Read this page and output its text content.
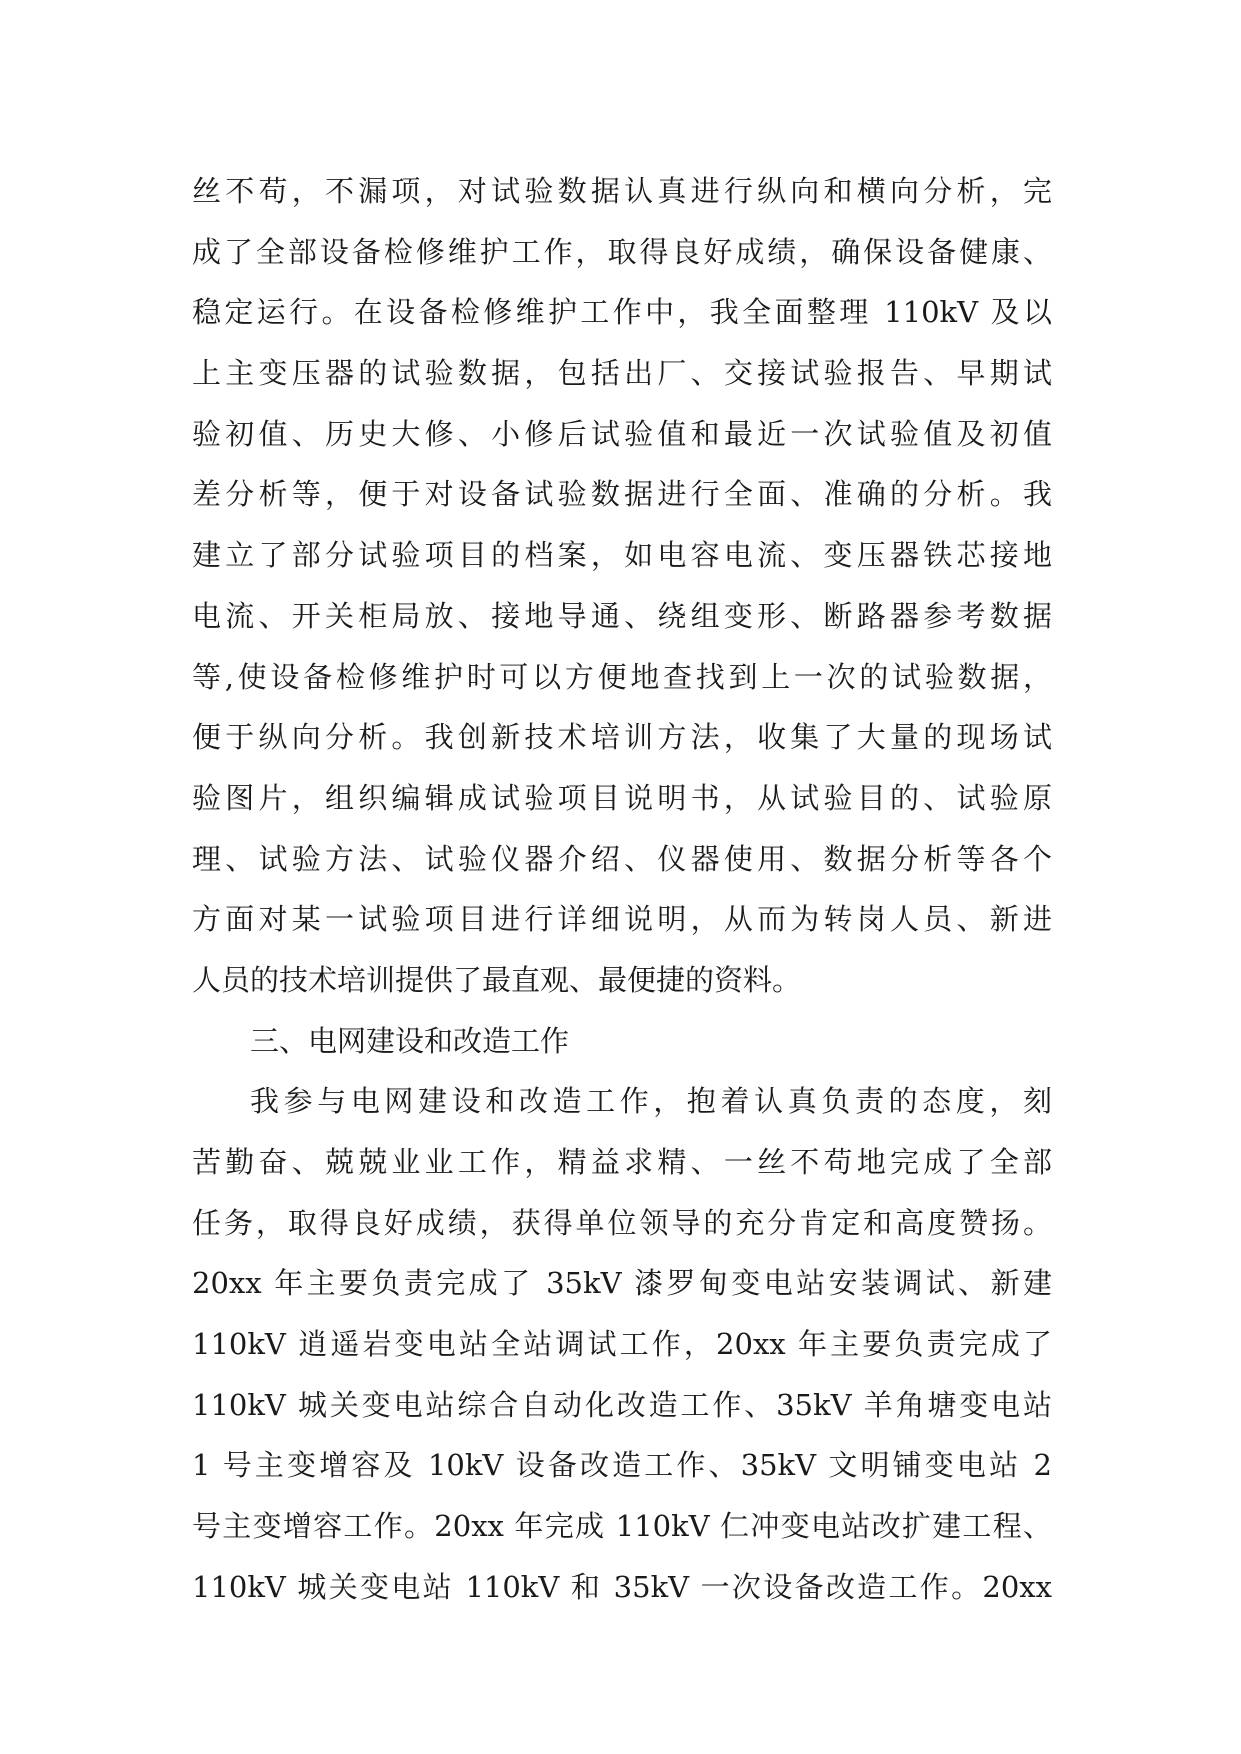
丝不苟，不漏项，对试验数据认真进行纵向和横向分析，完
成了全部设备检修维护工作，取得良好成绩，确保设备健康、
稳定运行。在设备检修维护工作中，我全面整理 110kV 及以
上主变压器的试验数据，包括出厂、交接试验报告、早期试
验初值、历史大修、小修后试验值和最近一次试验值及初值
差分析等，便于对设备试验数据进行全面、准确的分析。我
建立了部分试验项目的档案，如电容电流、变压器铁芯接地
电流、开关柜局放、接地导通、绕组变形、断路器参考数据
等,使设备检修维护时可以方便地查找到上一次的试验数据，
便于纵向分析。我创新技术培训方法，收集了大量的现场试
验图片，组织编辑成试验项目说明书，从试验目的、试验原
理、试验方法、试验仪器介绍、仪器使用、数据分析等各个
方面对某一试验项目进行详细说明，从而为转岗人员、新进
人员的技术培训提供了最直观、最便捷的资料。
三、电网建设和改造工作
我参与电网建设和改造工作，抱着认真负责的态度，刻
苦勤奋、兢兢业业工作，精益求精、一丝不苟地完成了全部
任务，取得良好成绩，获得单位领导的充分肯定和高度赞扬。
20xx 年主要负责完成了 35kV 漆罗甸变电站安装调试、新建
110kV 逍遥岩变电站全站调试工作，20xx 年主要负责完成了
110kV 城关变电站综合自动化改造工作、35kV 羊角塘变电站
1 号主变增容及 10kV 设备改造工作、35kV 文明铺变电站 2
号主变增容工作。20xx 年完成 110kV 仁冲变电站改扩建工程、
110kV 城关变电站 110kV 和 35kV 一次设备改造工作。20xx
